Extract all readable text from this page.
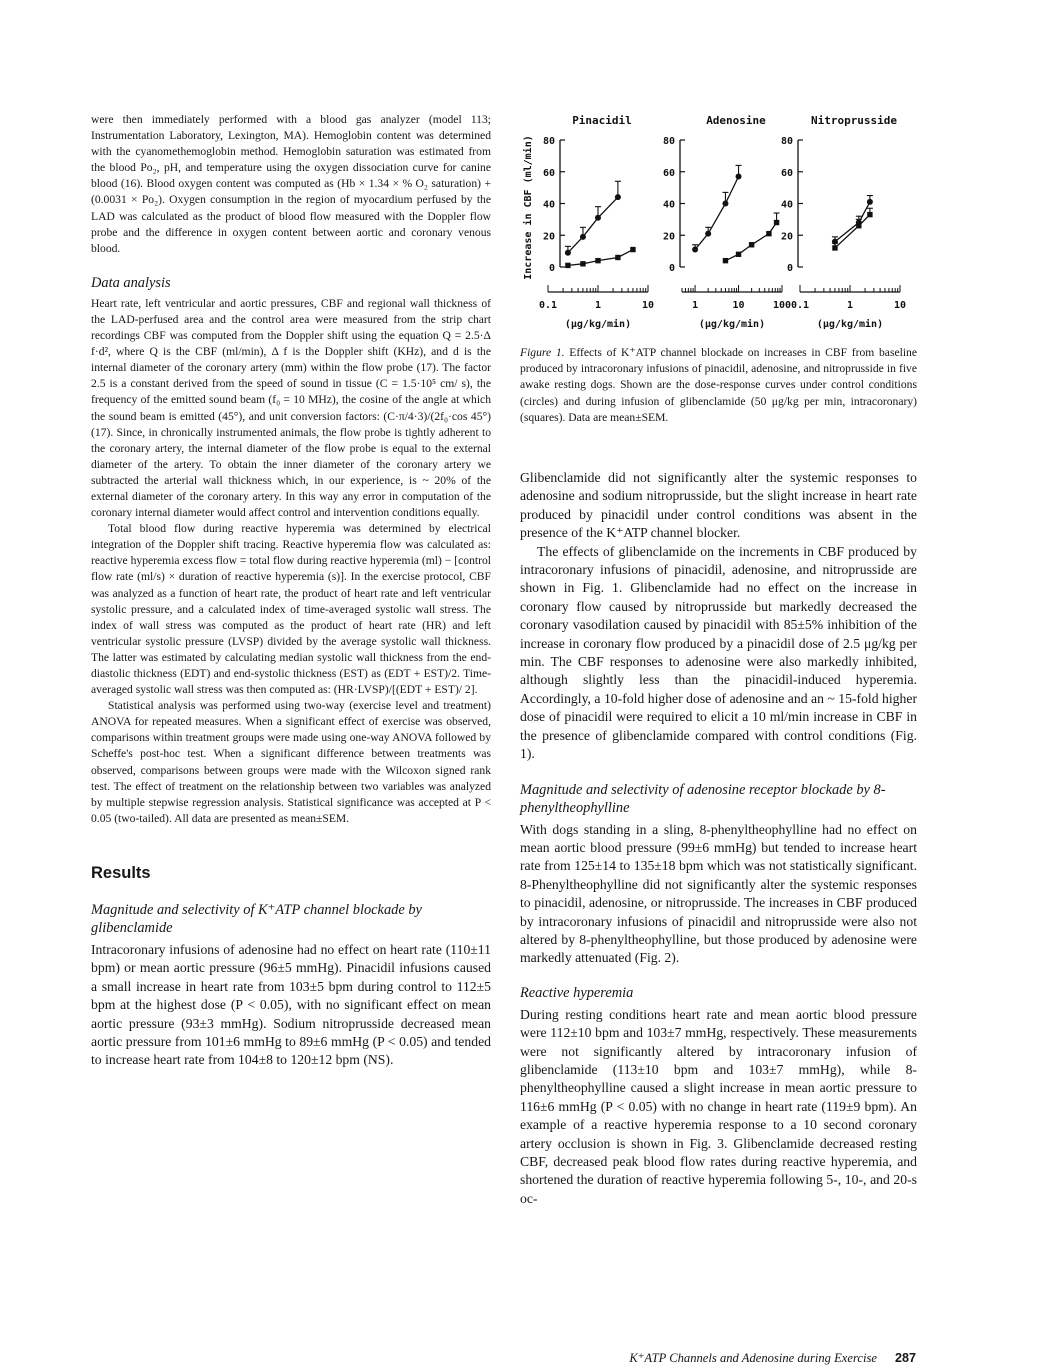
were then immediately performed with a blood gas analyzer (model 113; Instrumentation Laboratory, Lexington, MA). Hemoglobin content was determined with the cyanomethemoglobin method. Hemoglobin saturation was estimated from the blood Po₂, pH, and temperature using the oxygen dissociation curve for canine blood (16). Blood oxygen content was computed as (Hb × 1.34 × % O₂ saturation) + (0.0031 × Po₂). Oxygen consumption in the region of myocardium perfused by the LAD was calculated as the product of blood flow measured with the Doppler flow probe and the difference in oxygen content between aortic and coronary venous blood.

Data analysis

Heart rate, left ventricular and aortic pressures, CBF and regional wall thickness of the LAD-perfused area and the control area were measured from the strip chart recordings CBF was computed from the Doppler shift using the equation Q = 2.5·Δ f·d², where Q is the CBF (ml/min), Δ f is the Doppler shift (KHz), and d is the internal diameter of the coronary artery (mm) within the flow probe (17). The factor 2.5 is a constant derived from the speed of sound in tissue (C = 1.5·10⁵ cm/ s), the frequency of the emitted sound beam (f₀ = 10 MHz), the cosine of the angle at which the sound beam is emitted (45°), and unit conversion factors: (C·π/4·3)/(2f₀·cos 45°) (17). Since, in chronically instrumented animals, the flow probe is tightly adherent to the coronary artery, the internal diameter of the flow probe is equal to the external diameter of the artery. To obtain the inner diameter of the coronary artery we subtracted the arterial wall thickness which, in our experience, is ~ 20% of the external diameter of the coronary artery. In this way any error in computation of the coronary internal diameter would affect control and intervention conditions equally.

Total blood flow during reactive hyperemia was determined by electrical integration of the Doppler shift tracing. Reactive hyperemia flow was calculated as: reactive hyperemia excess flow = total flow during reactive hyperemia (ml) − [control flow rate (ml/s) × duration of reactive hyperemia (s)]. In the exercise protocol, CBF was analyzed as a function of heart rate, the product of heart rate and left ventricular systolic pressure, and a calculated index of time-averaged systolic wall stress. The index of wall stress was computed as the product of heart rate (HR) and left ventricular systolic pressure (LVSP) divided by the average systolic wall thickness. The latter was estimated by calculating median systolic wall thickness from the end-diastolic thickness (EDT) and end-systolic thickness (EST) as (EDT + EST)/2. Time-averaged systolic wall stress was then computed as: (HR·LVSP)/[(EDT + EST)/ 2].

Statistical analysis was performed using two-way (exercise level and treatment) ANOVA for repeated measures. When a significant effect of exercise was observed, comparisons within treatment groups were made using one-way ANOVA followed by Scheffe's post-hoc test. When a significant difference between treatments was observed, comparisons between groups were made with the Wilcoxon signed rank test. The effect of treatment on the relationship between two variables was analyzed by multiple stepwise regression analysis. Statistical significance was accepted at P < 0.05 (two-tailed). All data are presented as mean±SEM.

Results

Magnitude and selectivity of K⁺ATP channel blockade by glibenclamide

Intracoronary infusions of adenosine had no effect on heart rate (110±11 bpm) or mean aortic pressure (96±5 mmHg). Pinacidil infusions caused a small increase in heart rate from 103±5 bpm during control to 112±5 bpm at the highest dose (P < 0.05), with no significant effect on mean aortic pressure (93±3 mmHg). Sodium nitroprusside decreased mean aortic pressure from 101±6 mmHg to 89±6 mmHg (P < 0.05) and tended to increase heart rate from 104±8 to 120±12 bpm (NS).

Pinacidil
0
20
40
60
80
Increase in CBF (ml/min)
0.1	1	10
(μg/kg/min)
Adenosine
0
20
40
60
80
1	10	100
(μg/kg/min)
Nitroprusside
0
20
40
60
80
0.1	1	10
(μg/kg/min)

Figure 1. Effects of K⁺ATP channel blockade on increases in CBF from baseline produced by intracoronary infusions of pinacidil, adenosine, and nitroprusside in five awake resting dogs. Shown are the dose-response curves under control conditions (circles) and during infusion of glibenclamide (50 μg/kg per min, intracoronary) (squares). Data are mean±SEM.

Glibenclamide did not significantly alter the systemic responses to adenosine and sodium nitroprusside, but the slight increase in heart rate produced by pinacidil under control conditions was absent in the presence of the K⁺ATP channel blocker.

The effects of glibenclamide on the increments in CBF produced by intracoronary infusions of pinacidil, adenosine, and nitroprusside are shown in Fig. 1. Glibenclamide had no effect on the increase in coronary flow caused by nitroprusside but markedly decreased the coronary vasodilation caused by pinacidil with 85±5% inhibition of the increase in coronary flow produced by a pinacidil dose of 2.5 μg/kg per min. The CBF responses to adenosine were also markedly inhibited, although slightly less than the pinacidil-induced hyperemia. Accordingly, a 10-fold higher dose of adenosine and an ~ 15-fold higher dose of pinacidil were required to elicit a 10 ml/min increase in CBF in the presence of glibenclamide compared with control conditions (Fig. 1).

Magnitude and selectivity of adenosine receptor blockade by 8-phenyltheophylline

With dogs standing in a sling, 8-phenyltheophylline had no effect on mean aortic blood pressure (99±6 mmHg) but tended to increase heart rate from 125±14 to 135±18 bpm which was not statistically significant. 8-Phenyltheophylline did not significantly alter the systemic responses to pinacidil, adenosine, or nitroprusside. The increases in CBF produced by intracoronary infusions of pinacidil and nitroprusside were also not altered by 8-phenyltheophylline, but those produced by adenosine were markedly attenuated (Fig. 2).

Reactive hyperemia

During resting conditions heart rate and mean aortic blood pressure were 112±10 bpm and 103±7 mmHg, respectively. These measurements were not significantly altered by intracoronary infusion of glibenclamide (113±10 bpm and 103±7 mmHg), while 8-phenyltheophylline caused a slight increase in mean aortic pressure to 116±6 mmHg (P < 0.05) with no change in heart rate (119±9 bpm). An example of a reactive hyperemia response to a 10 second coronary artery occlusion is shown in Fig. 3. Glibenclamide decreased resting CBF, decreased peak blood flow rates during reactive hyperemia, and shortened the duration of reactive hyperemia following 5-, 10-, and 20-s oc-

K⁺ATP Channels and Adenosine during Exercise 287
